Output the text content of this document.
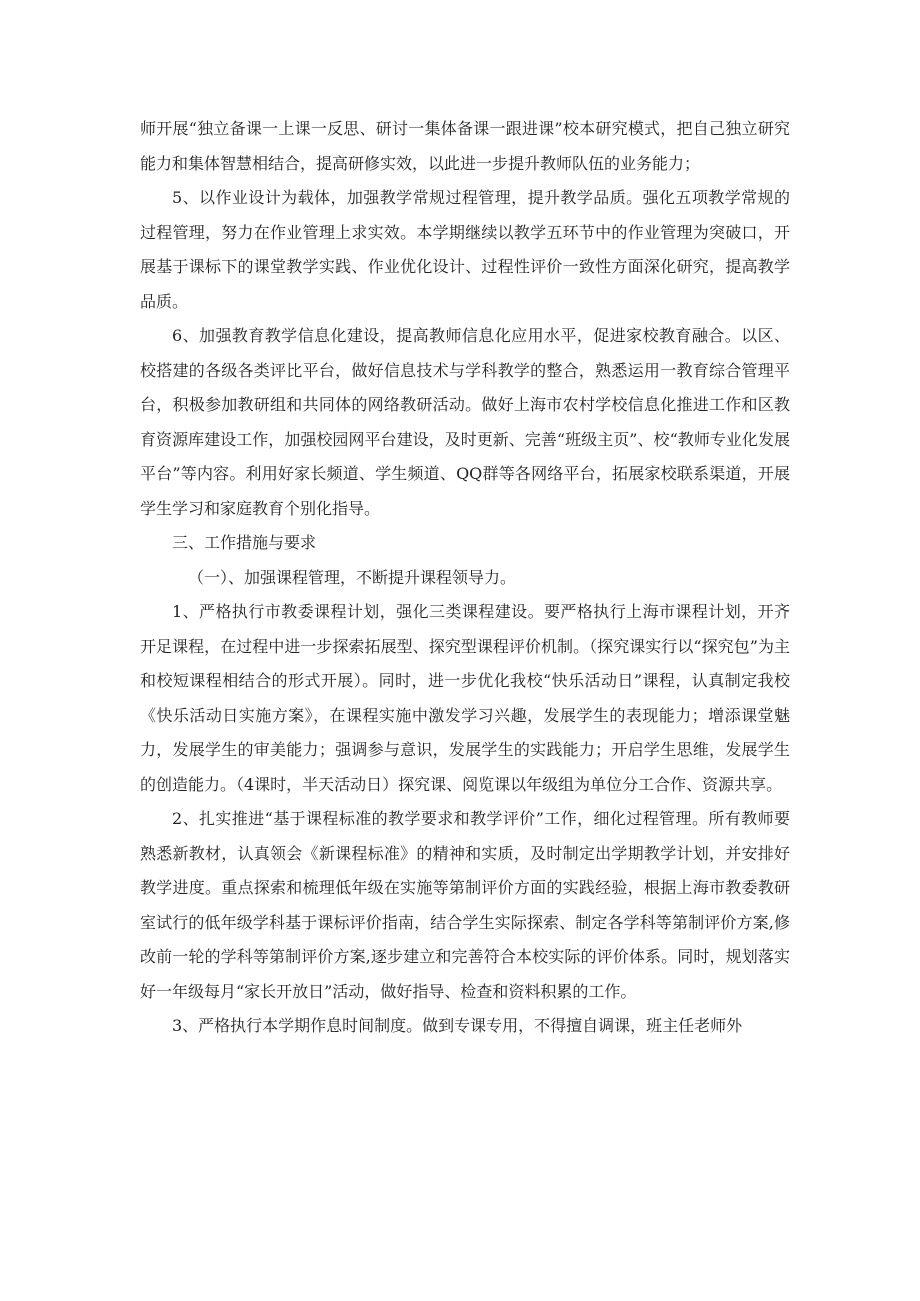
师开展“独立备课一上课一反思、研讨一集体备课一跟进课”校本研究模式，把自己独立研究能力和集体智慧相结合，提高研修实效，以此进一步提升教师队伍的业务能力；

5、以作业设计为载体，加强教学常规过程管理，提升教学品质。强化五项教学常规的过程管理，努力在作业管理上求实效。本学期继续以教学五环节中的作业管理为突破口，开展基于课标下的课堂教学实践、作业优化设计、过程性评价一致性方面深化研究，提高教学品质。

6、加强教育教学信息化建设，提高教师信息化应用水平，促进家校教育融合。以区、校搭建的各级各类评比平台，做好信息技术与学科教学的整合，熟悉运用一教育综合管理平台，积极参加教研组和共同体的网络教研活动。做好上海市农村学校信息化推进工作和区教育资源库建设工作，加强校园网平台建设，及时更新、完善“班级主页”、校“教师专业化发展平台”等内容。利用好家长频道、学生频道、QQ群等各网络平台，拓展家校联系渠道，开展学生学习和家庭教育个别化指导。

三、工作措施与要求

（一）、加强课程管理，不断提升课程领导力。

1、严格执行市教委课程计划，强化三类课程建设。要严格执行上海市课程计划，开齐开足课程，在过程中进一步探索拓展型、探究型课程评价机制。（探究课实行以“探究包”为主和校短课程相结合的形式开展）。同时，进一步优化我校“快乐活动日”课程，认真制定我校《快乐活动日实施方案》，在课程实施中激发学习兴趣，发展学生的表现能力；增添课堂魅力，发展学生的审美能力；强调参与意识，发展学生的实践能力；开启学生思维，发展学生的创造能力。（4课时，半天活动日）探究课、阅览课以年级组为单位分工合作、资源共享。

2、扎实推进“基于课程标准的教学要求和教学评价”工作，细化过程管理。所有教师要熟悉新教材，认真领会《新课程标准》的精神和实质，及时制定出学期教学计划，并安排好教学进度。重点探索和梳理低年级在实施等第制评价方面的实践经验，根据上海市教委教研室试行的低年级学科基于课标评价指南，结合学生实际探索、制定各学科等第制评价方案,修改前一轮的学科等第制评价方案,逐步建立和完善符合本校实际的评价体系。同时，规划落实好一年级每月“家长开放日”活动，做好指导、检查和资料积累的工作。

3、严格执行本学期作息时间制度。做到专课专用，不得擅自调课，班主任老师外
